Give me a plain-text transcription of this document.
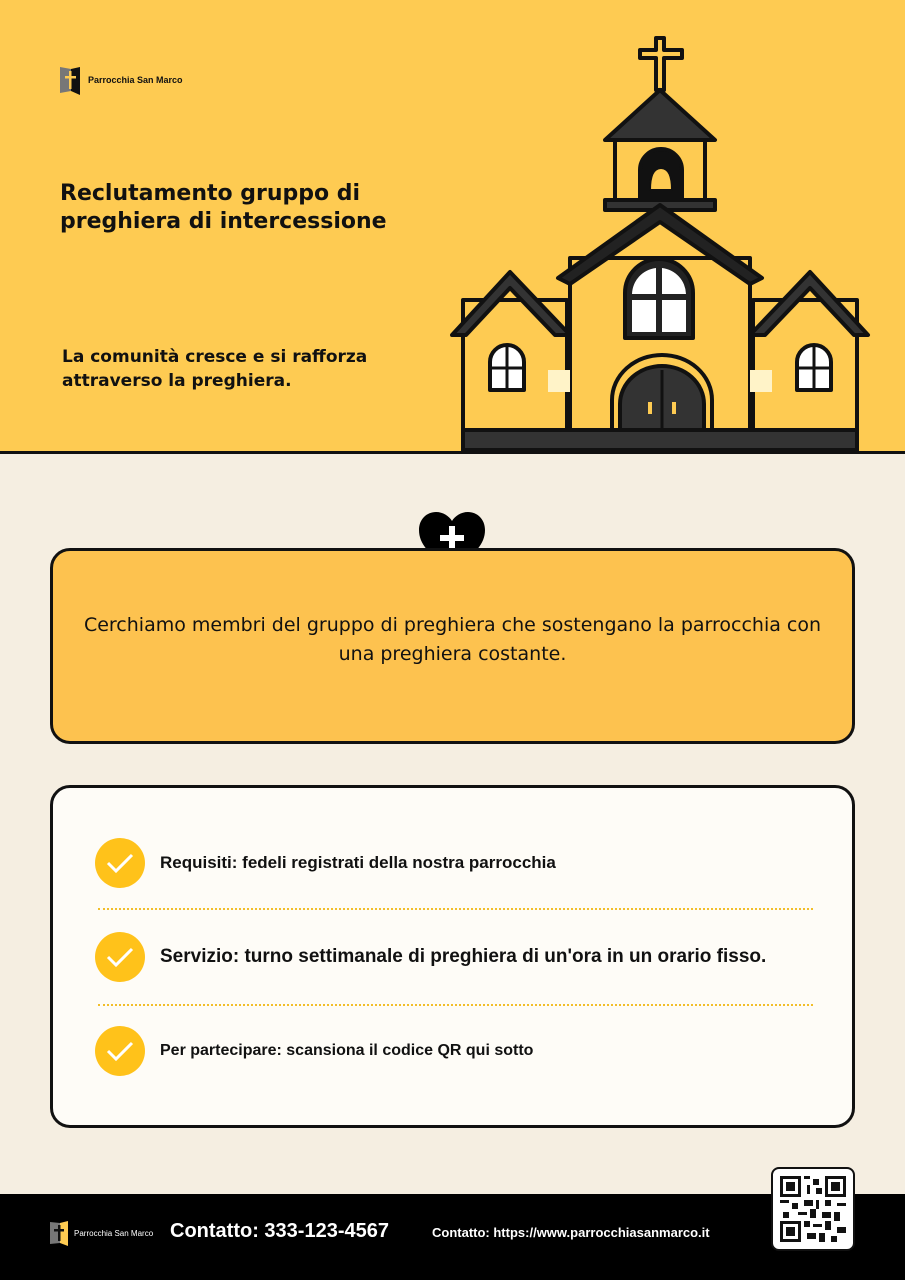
Parrocchia San Marco
Reclutamento gruppo di preghiera di intercessione

La comunità cresce e si rafforza attraverso la preghiera.

Cerchiamo membri del gruppo di preghiera che sostengano la parrocchia con una preghiera costante.

Requisiti: fedeli registrati della nostra parrocchia
Servizio: turno settimanale di preghiera di un'ora in un orario fisso.
Per partecipare: scansiona il codice QR qui sotto
Parrocchia San Marco Contatto: 333-123-4567	Contatto: https://www.parrocchiasanmarco.it
